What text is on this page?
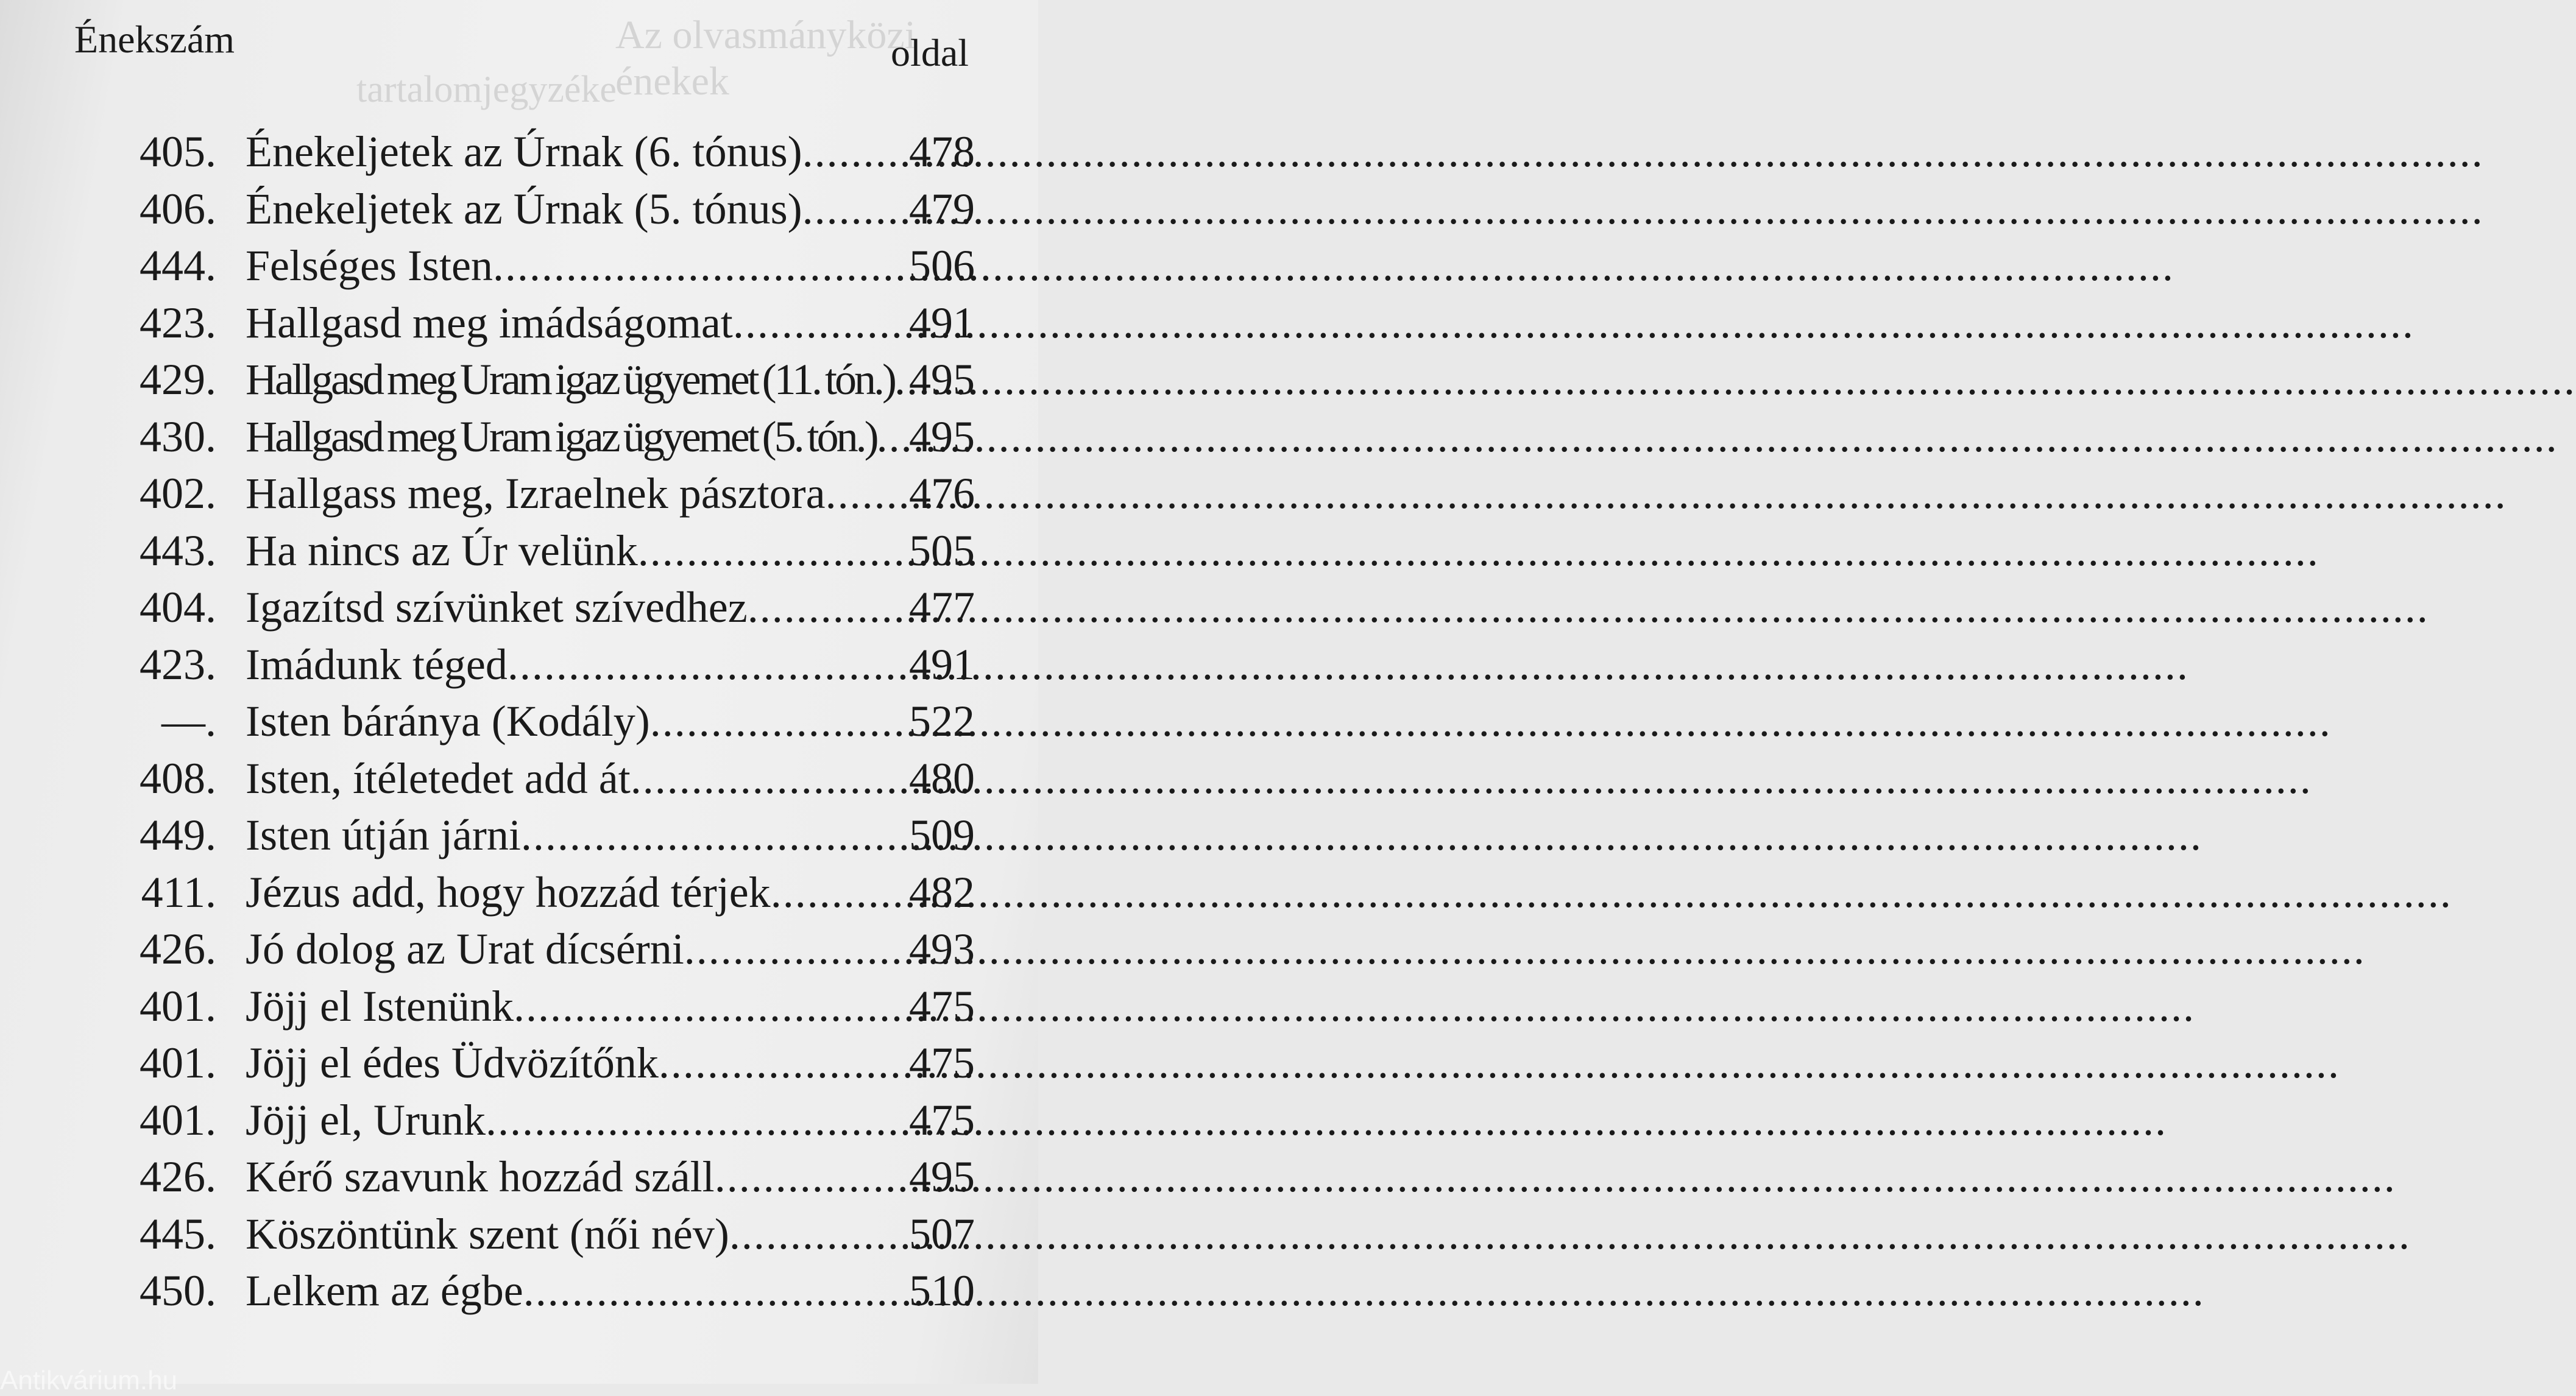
Az olvasmányközi énekek
tartalomjegyzéke
Énekszám	oldal
405. Énekeljetek az Úrnak (6. tónus) ..... 478
406. Énekeljetek az Úrnak (5. tónus) ..... 479
444. Felséges Isten .....	506
423. Hallgasd meg imádságomat .....	491
429. Hallgasd meg Uram igaz ügyemet (11. tón.) ..... 495
430. Hallgasd meg Uram igaz ügyemet (5. tón.) ..... 495
402. Hallgass meg, Izraelnek pásztora ..... 476
443. Ha nincs az Úr velünk .....	505
404. Igazítsd szívünket szívedhez .....	477
423. Imádunk téged .....	491
—. Isten báránya (Kodály) .....	522
408. Isten, ítéletedet add át .....	480
449. Isten útján járni .....	509
411. Jézus add, hogy hozzád térjek .....	482
426. Jó dolog az Urat dícsérni .....	493
401. Jöjj el Istenünk .....	475
401. Jöjj el édes Üdvözítőnk .....	475
401. Jöjj el, Urunk .....	475
426. Kérő szavunk hozzád száll .....	495
445. Köszöntünk szent (női név) .....	507
450. Lelkem az égbe .....	510
Antikvárium.hu
